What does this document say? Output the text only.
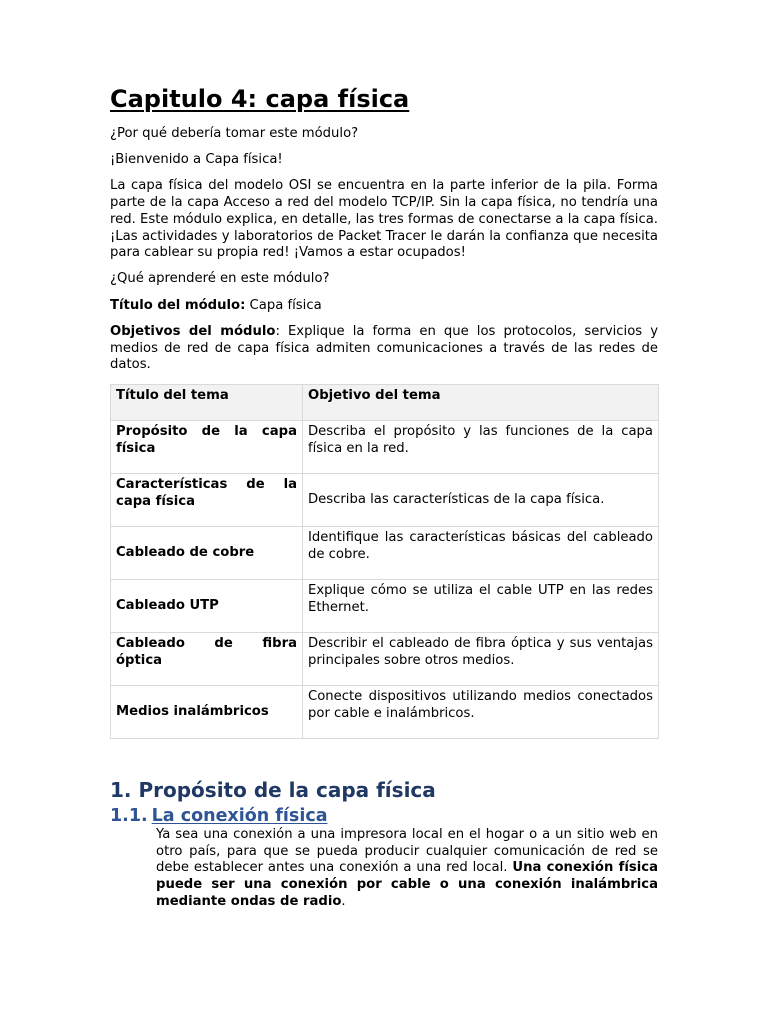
Capitulo 4: capa física

¿Por qué debería tomar este módulo?

¡Bienvenido a Capa física!

La capa física del modelo OSI se encuentra en la parte inferior de la pila. Forma parte de la capa Acceso a red del modelo TCP/IP. Sin la capa física, no tendría una red. Este módulo explica, en detalle, las tres formas de conectarse a la capa física. ¡Las actividades y laboratorios de Packet Tracer le darán la confianza que necesita para cablear su propia red! ¡Vamos a estar ocupados!

¿Qué aprenderé en este módulo?

Título del módulo: Capa física

Objetivos del módulo: Explique la forma en que los protocolos, servicios y medios de red de capa física admiten comunicaciones a través de las redes de datos.

Título del tema	Objetivo del tema
Propósito de la capa física	Describa el propósito y las funciones de la capa física en la red.
Características de la capa física	Describa las características de la capa física.
Cableado de cobre	Identifique las características básicas del cableado de cobre.
Cableado UTP	Explique cómo se utiliza el cable UTP en las redes Ethernet.
Cableado de fibra óptica	Describir el cableado de fibra óptica y sus ventajas principales sobre otros medios.
Medios inalámbricos	Conecte dispositivos utilizando medios conectados por cable e inalámbricos.
1. Propósito de la capa física
1.1. La conexión física

Ya sea una conexión a una impresora local en el hogar o a un sitio web en otro país, para que se pueda producir cualquier comunicación de red se debe establecer antes una conexión a una red local. Una conexión física puede ser una conexión por cable o una conexión inalámbrica mediante ondas de radio.
